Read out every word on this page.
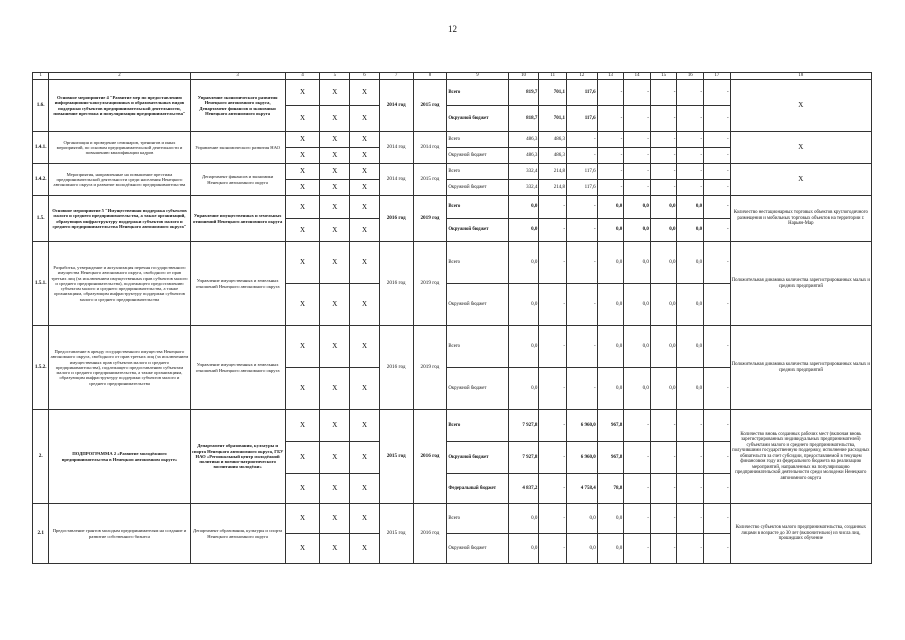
12
1	2	3	4	5	6	7	8	9	10	11	12	13	14	15	16	17	18
1.6.	Основное мероприятие 4 "Развитие мер по предоставлению информационно-консультационных и образовательных видов поддержки субъектов предпринимательской деятельности, повышение престижа и популяризация предпринимательства"	Управление экономического развития Ненецкого автономного округа, Департамент финансов и экономики Ненецкого автономного округа	X	X	X	2014 год	2015 год	Всего	819,7	701,1	117,6	-	-	-	-	-	X
			X	X	X			Окружной бюджет	818,7	701,1	117,6	-	-	-	-	-	
1.4.1.	Организация и проведение семинаров, тренингов и иных мероприятий, по основам предпринимательской деятельности и повышению квалификации кадров	Управление экономического развития НАО	X	X	X	2014 год	2014 год	Всего	486,3	486,3	-	-	-	-	-	-	X
			X	X	X			Окружной бюджет	486,3	486,3	-	-	-	-	-	-	
1.4.2.	Мероприятия, направленные на повышение престижа предпринимательской деятельности среди населения Ненецкого автономного округа и развитие молодёжного предпринимательства	Департамент финансов и экономики Ненецкого автономного округа	X	X	X	2014 год	2015 год	Всего	332,4	214,8	117,6	-	-	-	-	-	X
			X	X	X			Окружной бюджет	332,4	214,8	117,6	-	-	-	-	-	
1.5.	Основное мероприятие 5 "Имущественная поддержка субъектов малого и среднего предпринимательства, а также организаций, образующих инфраструктуру поддержки субъектов малого и среднего предпринимательства Ненецкого автономного округа"	Управление имущественных и земельных отношений Ненецкого автономного округа	X	X	X	2016 год	2019 год	Всего	0,0	-	-	0,0	0,0	0,0	0,0	-	Количество нестационарных торговых объектов круглогодичного размещения и мобильных торговых объектов на территории г. Нарьян-Мар
			X	X	X			Окружной бюджет	0,0	-	-	0,0	0,0	0,0	0,0	-	
1.5.1.	Разработка, утверждение и актуализация перечня государственного имущества Ненецкого автономного округа, свободного от прав третьих лиц (за исключением имущественных прав субъектов малого и среднего предпринимательства), подлежащего предоставлению субъектам малого и среднего предпринимательства, а также организациям, образующим инфраструктуру поддержки субъектов малого и среднего предпринимательства	Управление имущественных и земельных отношений Ненецкого автономного округа	X	X	X	2016 год	2019 год	Всего	0,0	-	-	0,0	0,0	0,0	0,0	-	Положительная динамика количества зарегистрированных малых и средних предприятий
			X	X	X			Окружной бюджет	0,0	-	-	0,0	0,0	0,0	0,0	-	
1.5.2.	Предоставление в аренду государственного имущества Ненецкого автономного округа, свободного от прав третьих лиц (за исключением имущественных прав субъектов малого и среднего предпринимательства), подлежащего предоставлению субъектам малого и среднего предпринимательства, а также организациям, образующим инфраструктуру поддержки субъектов малого и среднего предпринимательства	Управление имущественных и земельных отношений Ненецкого автономного округа	X	X	X	2016 год	2019 год	Всего	0,0	-	-	0,0	0,0	0,0	0,0	-	Положительная динамика количества зарегистрированных малых и средних предприятий
			X	X	X			Окружной бюджет	0,0	-	-	0,0	0,0	0,0	0,0	-	
2.	ПОДПРОГРАММА 2 «Развитие молодёжного предпринимательства в Ненецком автономном округе»	Департамент образования, культуры и спорта Ненецкого автономного округа, ГБУ НАО «Региональный центр молодёжной политики и военно-патриотического воспитания молодёжи»	X	X	X	2015 год	2016 год	Всего	7 927,8	-	6 960,0	967,8	-	-	-	-	Количество вновь созданных рабочих мест (включая вновь зарегистрированных индивидуальных предпринимателей) субъектами малого и среднего предпринимательства, получившими государственную поддержку, исполнение расходных обязательств за счет субсидии, предоставляемой в текущем финансовом году из федерального бюджета на реализацию мероприятий, направленных на популяризацию предпринимательской деятельности среди молодежи Ненецкого автономного округа
			X	X	X			Окружной бюджет	7 927,8	-	6 960,0	967,8	-	-	-	-	
			X	X	X			Федеральный бюджет	4 837,2	-	4 758,4	78,8	-	-	-	-	
2.1	Предоставление грантов молодым предпринимателям на создание и развитие собственного бизнеса	Департамент образования, культуры и спорта Ненецкого автономного округа	X	X	X	2015 год	2016 год	Всего	0,0	-	0,0	0,0	-	-	-	-	Количество субъектов малого предпринимательства, созданных лицами в возрасте до 30 лет (включительно) из числа лиц, прошедших обучение
			X	X	X			Окружной бюджет	0,0	-	0,0	0,0	-	-	-	-	
